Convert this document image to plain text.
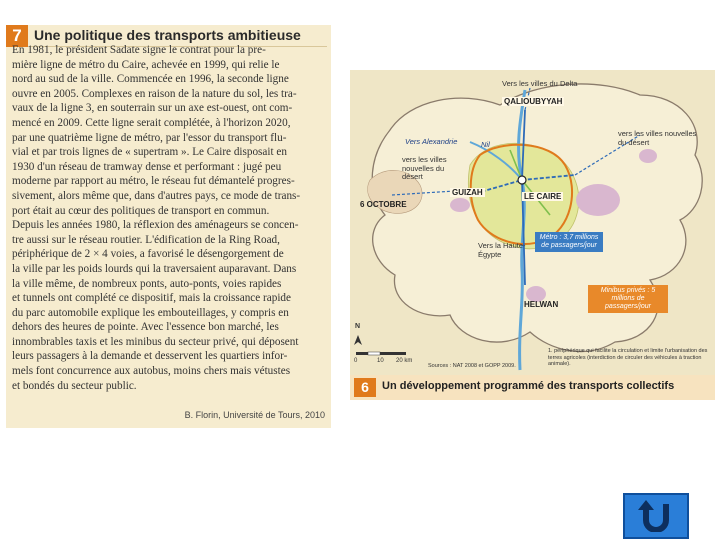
7 Une politique des transports ambitieuse
En 1981, le président Sadate signe le contrat pour la pre-
mière ligne de métro du Caire, achevée en 1999, qui relie le
nord au sud de la ville. Commencée en 1996, la seconde ligne
ouvre en 2005. Complexes en raison de la nature du sol, les tra-
vaux de la ligne 3, en souterrain sur un axe est-ouest, ont com-
mencé en 2009. Cette ligne serait complétée, à l'horizon 2020,
par une quatrième ligne de métro, par l'essor du transport flu-
vial et par trois lignes de « supertram ». Le Caire disposait en
1930 d'un réseau de tramway dense et performant : jugé peu
moderne par rapport au métro, le réseau fut démantelé progres-
sivement, alors même que, dans d'autres pays, ce mode de trans-
port était au cœur des politiques de transport en commun.
Depuis les années 1980, la réflexion des aménageurs se concen-
tre aussi sur le réseau routier. L'édification de la Ring Road,
périphérique de 2 × 4 voies, a favorisé le désengorgement de
la ville par les poids lourds qui la traversaient auparavant. Dans
la ville même, de nombreux ponts, auto-ponts, voies rapides
et tunnels ont complété ce dispositif, mais la croissance rapide
du parc automobile explique les embouteillages, y compris en
dehors des heures de pointe. Avec l'essence bon marché, les
innombrables taxis et les minibus du secteur privé, qui déposent
leurs passagers à la demande et desservent les quartiers infor-
mels font concurrence aux autobus, moins chers mais vétustes
et bondés du secteur public.
B. Florin, Université de Tours, 2010
Vers les villes du Delta
QALIOUBYYAH
Vers Alexandrie	Nil
vers les villes nouvelles du désert
vers les villes nouvelles du désert
6 OCTOBRE
GUIZAH	LE CAIRE
Vers la Haute-Égypte
HELWAN
Métro : 3,7 millions de passagers/jour
Minibus privés : 5 millions de passagers/jour
1. périphérique qui facilite la circulation et limite l'urbanisation des terres agricoles (interdiction de circuler des véhicules à traction animale).
Sources : NAT 2008 et GOPP 2009.
N
0	10 20 km
6	Un développement programmé des transports collectifs
